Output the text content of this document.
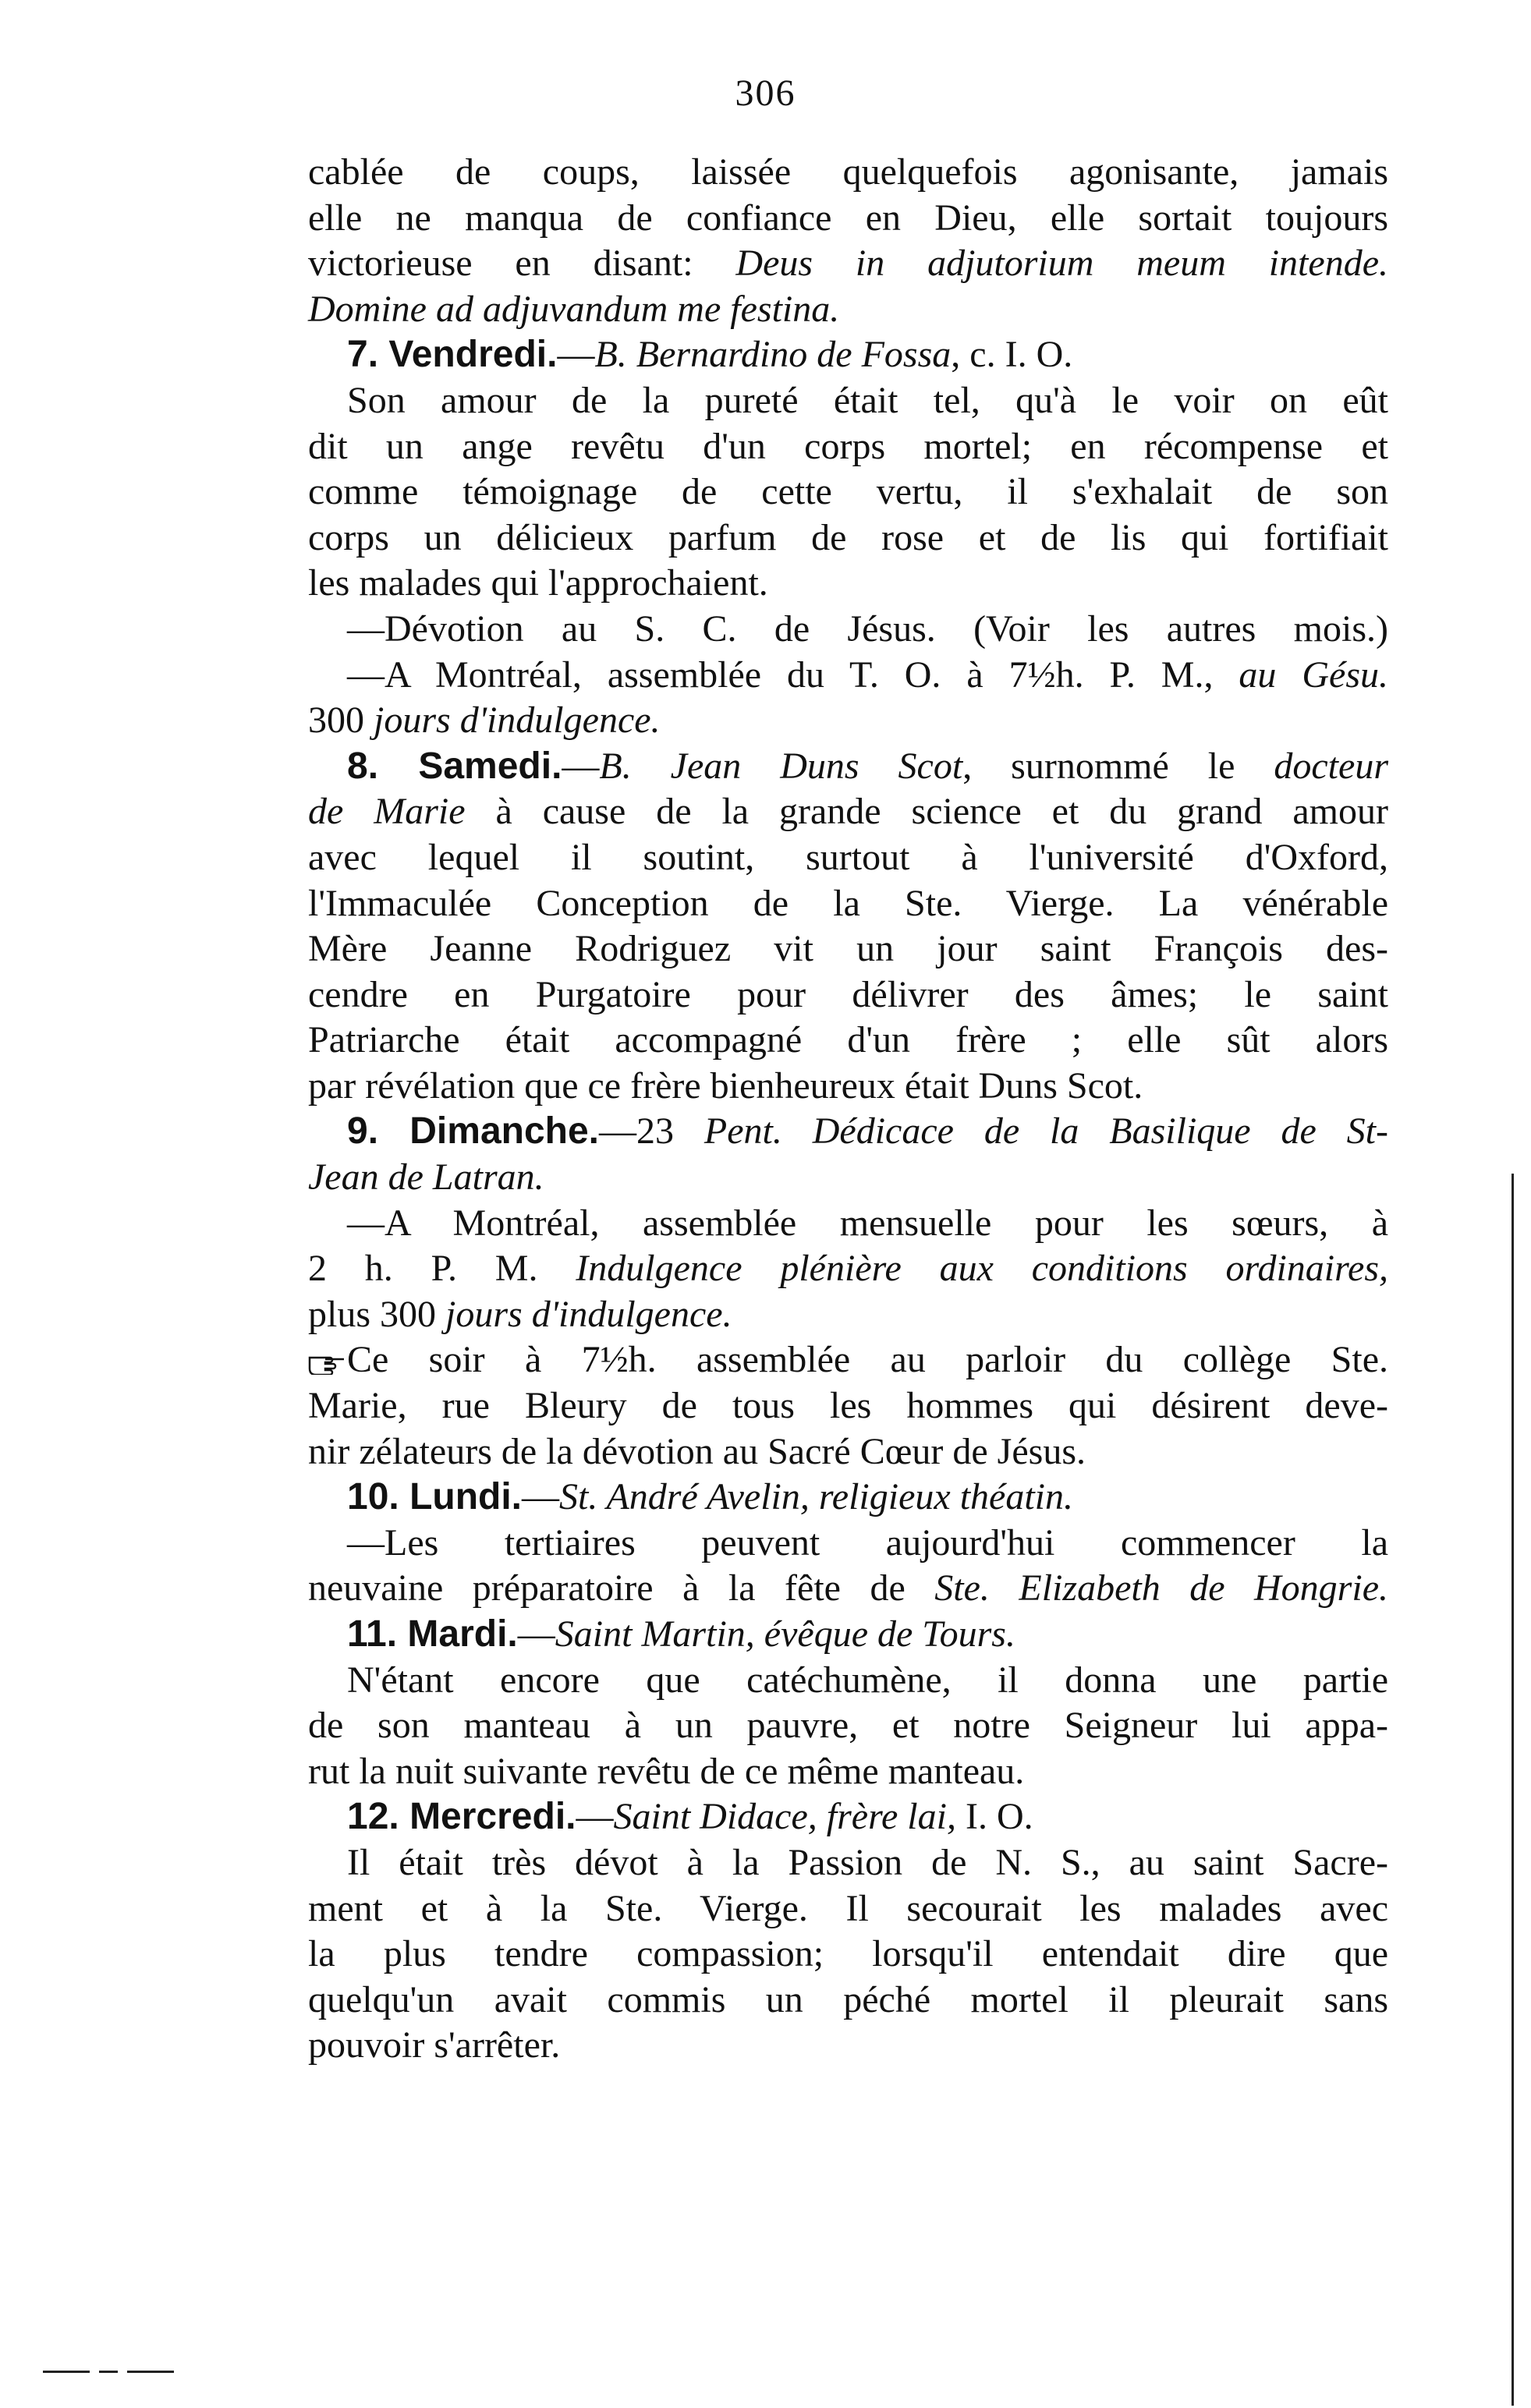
306
cablée de coups, laissée quelquefois agonisante, jamais
elle ne manqua de confiance en Dieu, elle sortait toujours
victorieuse en disant: Deus in adjutorium meum intende.
Domine ad adjuvandum me festina.
7. Vendredi.—B. Bernardino de Fossa, c. I. O.
Son amour de la pureté était tel, qu'à le voir on eût
dit un ange revêtu d'un corps mortel; en récompense et
comme témoignage de cette vertu, il s'exhalait de son
corps un délicieux parfum de rose et de lis qui fortifiait
les malades qui l'approchaient.
—Dévotion au S. C. de Jésus. (Voir les autres mois.)
—A Montréal, assemblée du T. O. à 7½h. P. M., au Gésu.
300 jours d'indulgence.
8. Samedi.—B. Jean Duns Scot, surnommé le docteur
de Marie à cause de la grande science et du grand amour
avec lequel il soutint, surtout à l'université d'Oxford,
l'Immaculée Conception de la Ste. Vierge. La vénérable
Mère Jeanne Rodriguez vit un jour saint François des-
cendre en Purgatoire pour délivrer des âmes; le saint
Patriarche était accompagné d'un frère ; elle sût alors
par révélation que ce frère bienheureux était Duns Scot.
9. Dimanche.—23 Pent. Dédicace de la Basilique de St-
Jean de Latran.
—A Montréal, assemblée mensuelle pour les sœurs, à
2 h. P. M. Indulgence plénière aux conditions ordinaires,
plus 300 jours d'indulgence.
Ce soir à 7½h. assemblée au parloir du collège Ste.
Marie, rue Bleury de tous les hommes qui désirent deve-
nir zélateurs de la dévotion au Sacré Cœur de Jésus.
10. Lundi.—St. André Avelin, religieux théatin.
—Les tertiaires peuvent aujourd'hui commencer la
neuvaine préparatoire à la fête de Ste. Elizabeth de Hongrie.
11. Mardi.—Saint Martin, évêque de Tours.
N'étant encore que catéchumène, il donna une partie
de son manteau à un pauvre, et notre Seigneur lui appa-
rut la nuit suivante revêtu de ce même manteau.
12. Mercredi.—Saint Didace, frère lai, I. O.
Il était très dévot à la Passion de N. S., au saint Sacre-
ment et à la Ste. Vierge. Il secourait les malades avec
la plus tendre compassion; lorsqu'il entendait dire que
quelqu'un avait commis un péché mortel il pleurait sans
pouvoir s'arrêter.
